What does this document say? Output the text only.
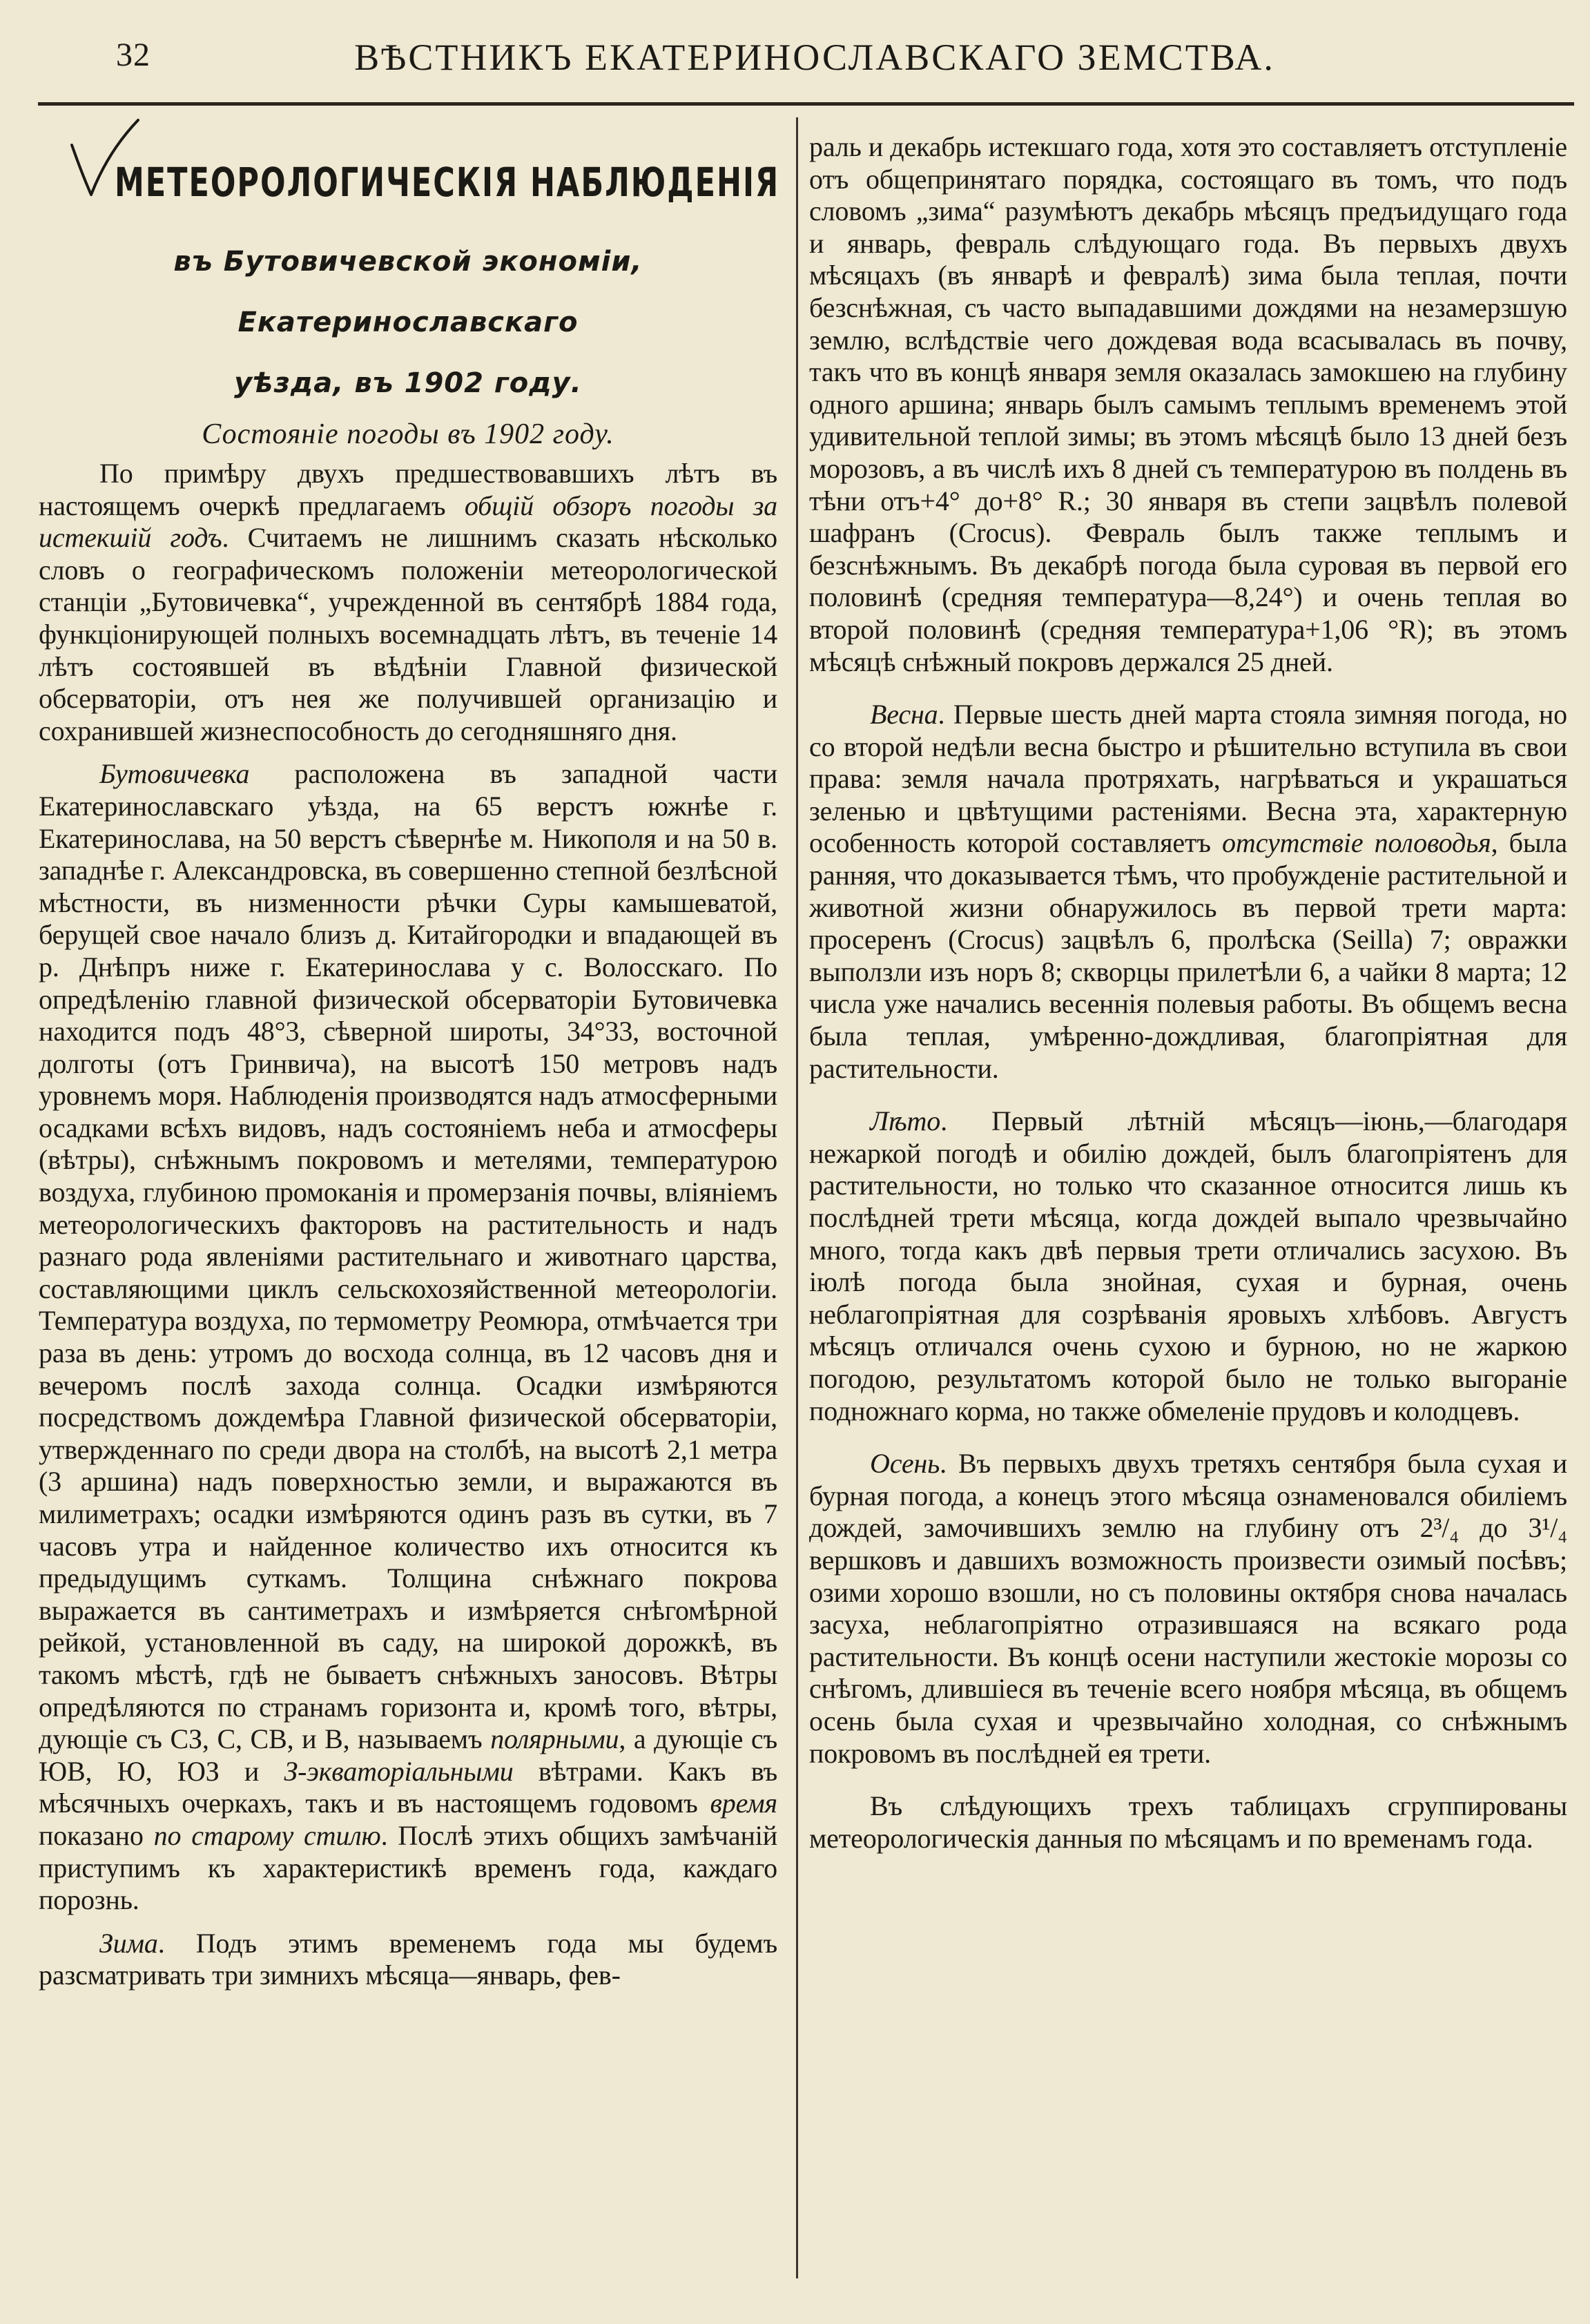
32	ВѢСТНИКЪ ЕКАТЕРИНОСЛАВСКАГО ЗЕМСТВА.
МЕТЕОРОЛОГИЧЕСКІЯ НАБЛЮДЕНІЯ
въ Бутовичевской экономіи, Екатеринославскаго
уѣзда, въ 1902 году.
Состояніе погоды въ 1902 году.

По примѣру двухъ предшествовавшихъ лѣтъ въ настоящемъ очеркѣ предлагаемъ общій обзоръ погоды за истекшій годъ. Считаемъ не лишнимъ сказать нѣсколько словъ о географическомъ положеніи метеорологической станціи „Бутовичевка“, учрежденной въ сентябрѣ 1884 года, функціонирующей полныхъ восемнадцать лѣтъ, въ теченіе 14 лѣтъ состоявшей въ вѣдѣніи Главной физической обсерваторіи, отъ нея же получившей организацію и сохранившей жизнеспособность до сегодняшняго дня.

Бутовичевка расположена въ западной части Екатеринославскаго уѣзда, на 65 верстъ южнѣе г. Екатеринослава, на 50 верстъ сѣвернѣе м. Никополя и на 50 в. западнѣе г. Александровска, въ совершенно степной безлѣсной мѣстности, въ низменности рѣчки Суры камышеватой, берущей свое начало близъ д. Китайгородки и впадающей въ р. Днѣпръ ниже г. Екатеринослава у с. Волосскаго. По опредѣленію главной физической обсерваторіи Бутовичевка находится подъ 48°3, сѣверной широты, 34°33, восточной долготы (отъ Гринвича), на высотѣ 150 метровъ надъ уровнемъ моря. Наблюденія производятся надъ атмосферными осадками всѣхъ видовъ, надъ состояніемъ неба и атмосферы (вѣтры), снѣжнымъ покровомъ и метелями, температурою воздуха, глубиною промоканія и промерзанія почвы, вліяніемъ метеорологическихъ факторовъ на растительность и надъ разнаго рода явленіями растительнаго и животнаго царства, составляющими циклъ сельскохозяйственной метеорологіи. Температура воздуха, по термометру Реомюра, отмѣчается три раза въ день: утромъ до восхода солнца, въ 12 часовъ дня и вечеромъ послѣ захода солнца. Осадки измѣряются посредствомъ дождемѣра Главной физической обсерваторіи, утвержденнаго по среди двора на столбѣ, на высотѣ 2,1 метра (3 аршина) надъ поверхностью земли, и выражаются въ милиметрахъ; осадки измѣряются одинъ разъ въ сутки, въ 7 часовъ утра и найденное количество ихъ относится къ предыдущимъ суткамъ. Толщина снѣжнаго покрова выражается въ сантиметрахъ и измѣряется снѣгомѣрной рейкой, установленной въ саду, на широкой дорожкѣ, въ такомъ мѣстѣ, гдѣ не бываетъ снѣжныхъ заносовъ. Вѣтры опредѣляются по странамъ горизонта и, кромѣ того, вѣтры, дующіе съ СЗ, С, СВ, и В, называемъ полярными, а дующіе съ ЮВ, Ю, ЮЗ и З-экваторіальными вѣтрами. Какъ въ мѣсячныхъ очеркахъ, такъ и въ настоящемъ годовомъ время показано по старому стилю. Послѣ этихъ общихъ замѣчаній приступимъ къ характеристикѣ временъ года, каждаго порознь.

Зима. Подъ этимъ временемъ года мы будемъ разсматривать три зимнихъ мѣсяца—январь, фев-

раль и декабрь истекшаго года, хотя это составляетъ отступленіе отъ общепринятаго порядка, состоящаго въ томъ, что подъ словомъ „зима“ разумѣютъ декабрь мѣсяцъ предъидущаго года и январь, февраль слѣдующаго года. Въ первыхъ двухъ мѣсяцахъ (въ январѣ и февралѣ) зима была теплая, почти безснѣжная, съ часто выпадавшими дождями на незамерзшую землю, вслѣдствіе чего дождевая вода всасывалась въ почву, такъ что въ концѣ января земля оказалась замокшею на глубину одного аршина; январь былъ самымъ теплымъ временемъ этой удивительной теплой зимы; въ этомъ мѣсяцѣ было 13 дней безъ морозовъ, а въ числѣ ихъ 8 дней съ температурою въ полдень въ тѣни отъ+4° до+8° R.; 30 января въ степи зацвѣлъ полевой шафранъ (Crocus). Февраль былъ также теплымъ и безснѣжнымъ. Въ декабрѣ погода была суровая въ первой его половинѣ (средняя температура—8,24°) и очень теплая во второй половинѣ (средняя температура+1,06 °R); въ этомъ мѣсяцѣ снѣжный покровъ держался 25 дней.

Весна. Первые шесть дней марта стояла зимняя погода, но со второй недѣли весна быстро и рѣшительно вступила въ свои права: земля начала протряхать, нагрѣваться и украшаться зеленью и цвѣтущими растеніями. Весна эта, характерную особенность которой составляетъ отсутствіе половодья, была ранняя, что доказывается тѣмъ, что пробужденіе растительной и животной жизни обнаружилось въ первой трети марта: просеренъ (Crocus) зацвѣлъ 6, пролѣска (Seilla) 7; овражки выползли изъ норъ 8; скворцы прилетѣли 6, а чайки 8 марта; 12 числа уже начались весеннія полевыя работы. Въ общемъ весна была теплая, умѣренно-дождливая, благопріятная для растительности.

Лѣто. Первый лѣтній мѣсяцъ—іюнь,—благодаря нежаркой погодѣ и обилію дождей, былъ благопріятенъ для растительности, но только что сказанное относится лишь къ послѣдней трети мѣсяца, когда дождей выпало чрезвычайно много, тогда какъ двѣ первыя трети отличались засухою. Въ іюлѣ погода была знойная, сухая и бурная, очень неблагопріятная для созрѣванія яровыхъ хлѣбовъ. Августъ мѣсяцъ отличался очень сухою и бурною, но не жаркою погодою, результатомъ которой было не только выгораніе подножнаго корма, но также обмеленіе прудовъ и колодцевъ.

Осень. Въ первыхъ двухъ третяхъ сентября была сухая и бурная погода, а конецъ этого мѣсяца ознаменовался обиліемъ дождей, замочившихъ землю на глубину отъ 2³/₄ до 3¹/₄ вершковъ и давшихъ возможность произвести озимый посѣвъ; озими хорошо взошли, но съ половины октября снова началась засуха, неблагопріятно отразившаяся на всякаго рода растительности. Въ концѣ осени наступили жестокіе морозы со снѣгомъ, длившіеся въ теченіе всего ноября мѣсяца, въ общемъ осень была сухая и чрезвычайно холодная, со снѣжнымъ покровомъ въ послѣдней ея трети.

Въ слѣдующихъ трехъ таблицахъ сгруппированы метеорологическія данныя по мѣсяцамъ и по временамъ года.
